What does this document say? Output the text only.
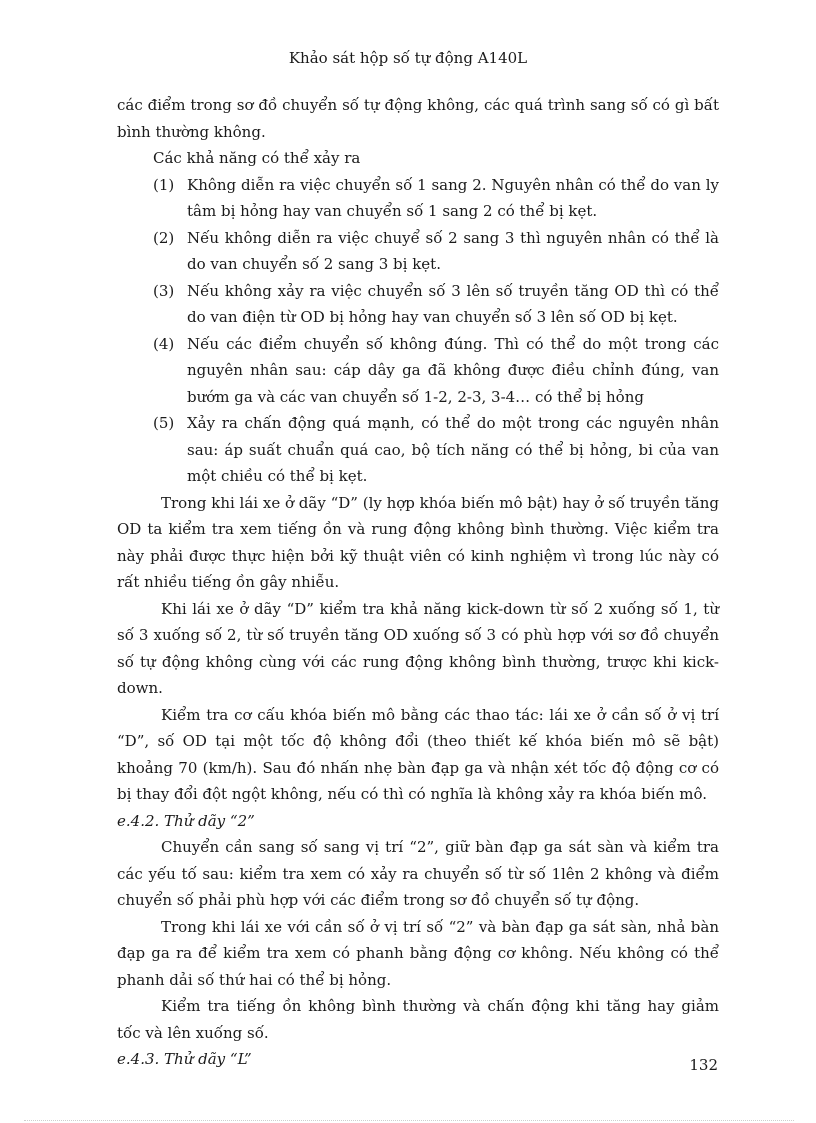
Khảo sát hộp số tự động A140L

các điểm trong sơ đồ chuyển số tự động không, các quá trình sang số có gì bất bình thường không.

Các khả năng có thể xảy ra

(1) Không diễn ra việc chuyển số 1 sang 2. Nguyên nhân có thể do van ly tâm bị hỏng hay van chuyển số 1 sang 2 có thể bị kẹt.
(2) Nếu không diễn ra việc chuyể số 2 sang 3 thì nguyên nhân có thể là do van chuyển số 2 sang 3 bị kẹt.
(3) Nếu không xảy ra việc chuyển số 3 lên số truyền tăng OD thì có thể do van điện từ OD bị hỏng hay van chuyển số 3 lên số OD bị kẹt.
(4) Nếu các điểm chuyển số không đúng. Thì có thể do một trong các nguyên nhân sau: cáp dây ga đã không được điều chỉnh đúng, van bướm ga và các van chuyển số 1-2, 2-3, 3-4… có thể bị hỏng
(5) Xảy ra chấn động quá mạnh, có thể do một trong các nguyên nhân sau: áp suất chuẩn quá cao, bộ tích năng có thể bị hỏng, bi của van một chiều có thể bị kẹt.

Trong khi lái xe ở dãy “D” (ly hợp khóa biến mô bật) hay ở số truyền tăng OD ta kiểm tra xem tiếng ồn và rung động không bình thường. Việc kiểm tra này phải được thực hiện bởi kỹ thuật viên có kinh nghiệm vì trong lúc này có rất nhiều tiếng ồn gây nhiễu.

Khi lái xe ở dãy “D” kiểm tra khả năng kick-down từ số 2 xuống số 1, từ số 3 xuống số 2, từ số truyền tăng OD xuống số 3 có phù hợp với sơ đồ chuyển số tự động không cùng với các rung động không bình thường, trược khi kick-down.

Kiểm tra cơ cấu khóa biến mô bằng các thao tác: lái xe ở cần số ở vị trí “D”, số OD tại một tốc độ không đổi (theo thiết kế khóa biến mô sẽ bật) khoảng 70 (km/h). Sau đó nhấn nhẹ bàn đạp ga và nhận xét tốc độ động cơ có bị thay đổi đột ngột không, nếu có thì có nghĩa là không xảy ra khóa biến mô.

e.4.2. Thử dãy “2”

Chuyển cần sang số sang vị trí “2”, giữ bàn đạp ga sát sàn và kiểm tra các yếu tố sau: kiểm tra xem có xảy ra chuyển số từ số 1lên 2 không và điểm chuyển số phải phù hợp với các điểm trong sơ đồ chuyển số tự động.

Trong khi lái xe với cần số ở vị trí số “2” và bàn đạp ga sát sàn, nhả bàn đạp ga ra để kiểm tra xem có phanh bằng động cơ không. Nếu không có thể phanh dải số thứ hai có thể bị hỏng.

Kiểm tra tiếng ồn không bình thường và chấn động khi tăng hay giảm tốc và lên xuống số.

e.4.3. Thử dãy “L”	132
